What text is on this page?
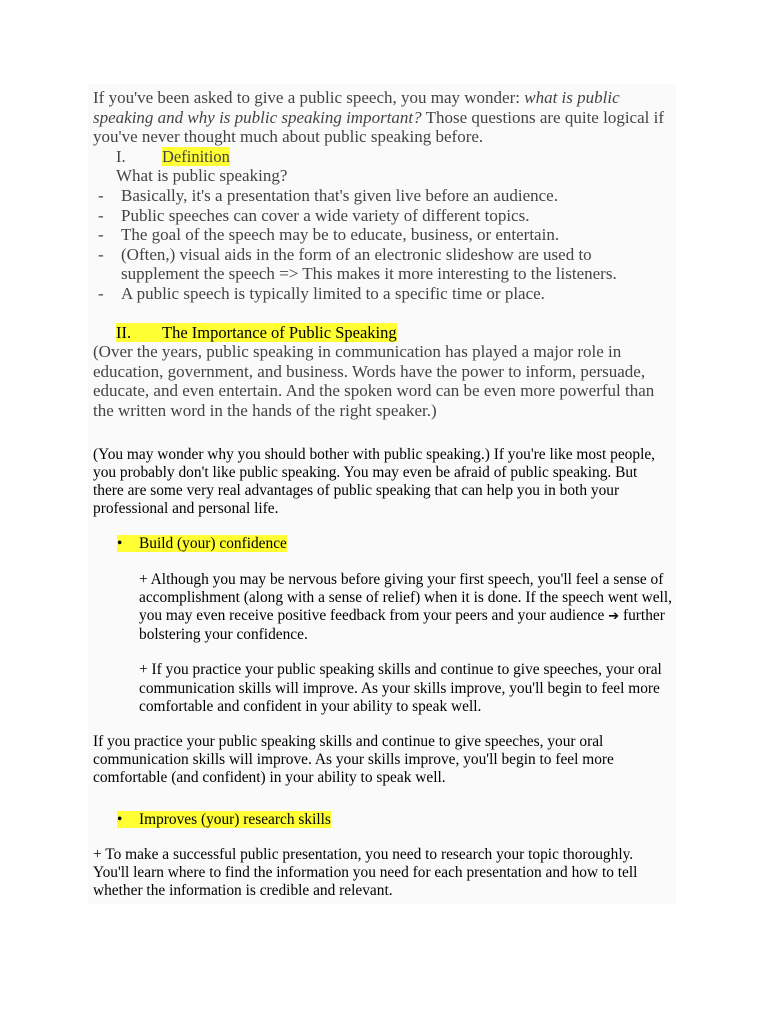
If you've been asked to give a public speech, you may wonder: what is public speaking and why is public speaking important? Those questions are quite logical if you've never thought much about public speaking before.

I. Definition

What is public speaking?

- Basically, it's a presentation that's given live before an audience.
- Public speeches can cover a wide variety of different topics.
- The goal of the speech may be to educate, business, or entertain.
- (Often,) visual aids in the form of an electronic slideshow are used to supplement the speech => This makes it more interesting to the listeners.
- A public speech is typically limited to a specific time or place.
II. The Importance of Public Speaking

(Over the years, public speaking in communication has played a major role in education, government, and business. Words have the power to inform, persuade, educate, and even entertain. And the spoken word can be even more powerful than the written word in the hands of the right speaker.)

(You may wonder why you should bother with public speaking.) If you're like most people, you probably don't like public speaking. You may even be afraid of public speaking. But there are some very real advantages of public speaking that can help you in both your professional and personal life.

• Build (your) confidence

+ Although you may be nervous before giving your first speech, you'll feel a sense of accomplishment (along with a sense of relief) when it is done. If the speech went well, you may even receive positive feedback from your peers and your audience ➔ further bolstering your confidence.

+ If you practice your public speaking skills and continue to give speeches, your oral communication skills will improve. As your skills improve, you'll begin to feel more comfortable and confident in your ability to speak well.

If you practice your public speaking skills and continue to give speeches, your oral communication skills will improve. As your skills improve, you'll begin to feel more comfortable (and confident) in your ability to speak well.

• Improves (your) research skills

+ To make a successful public presentation, you need to research your topic thoroughly. You'll learn where to find the information you need for each presentation and how to tell whether the information is credible and relevant.
